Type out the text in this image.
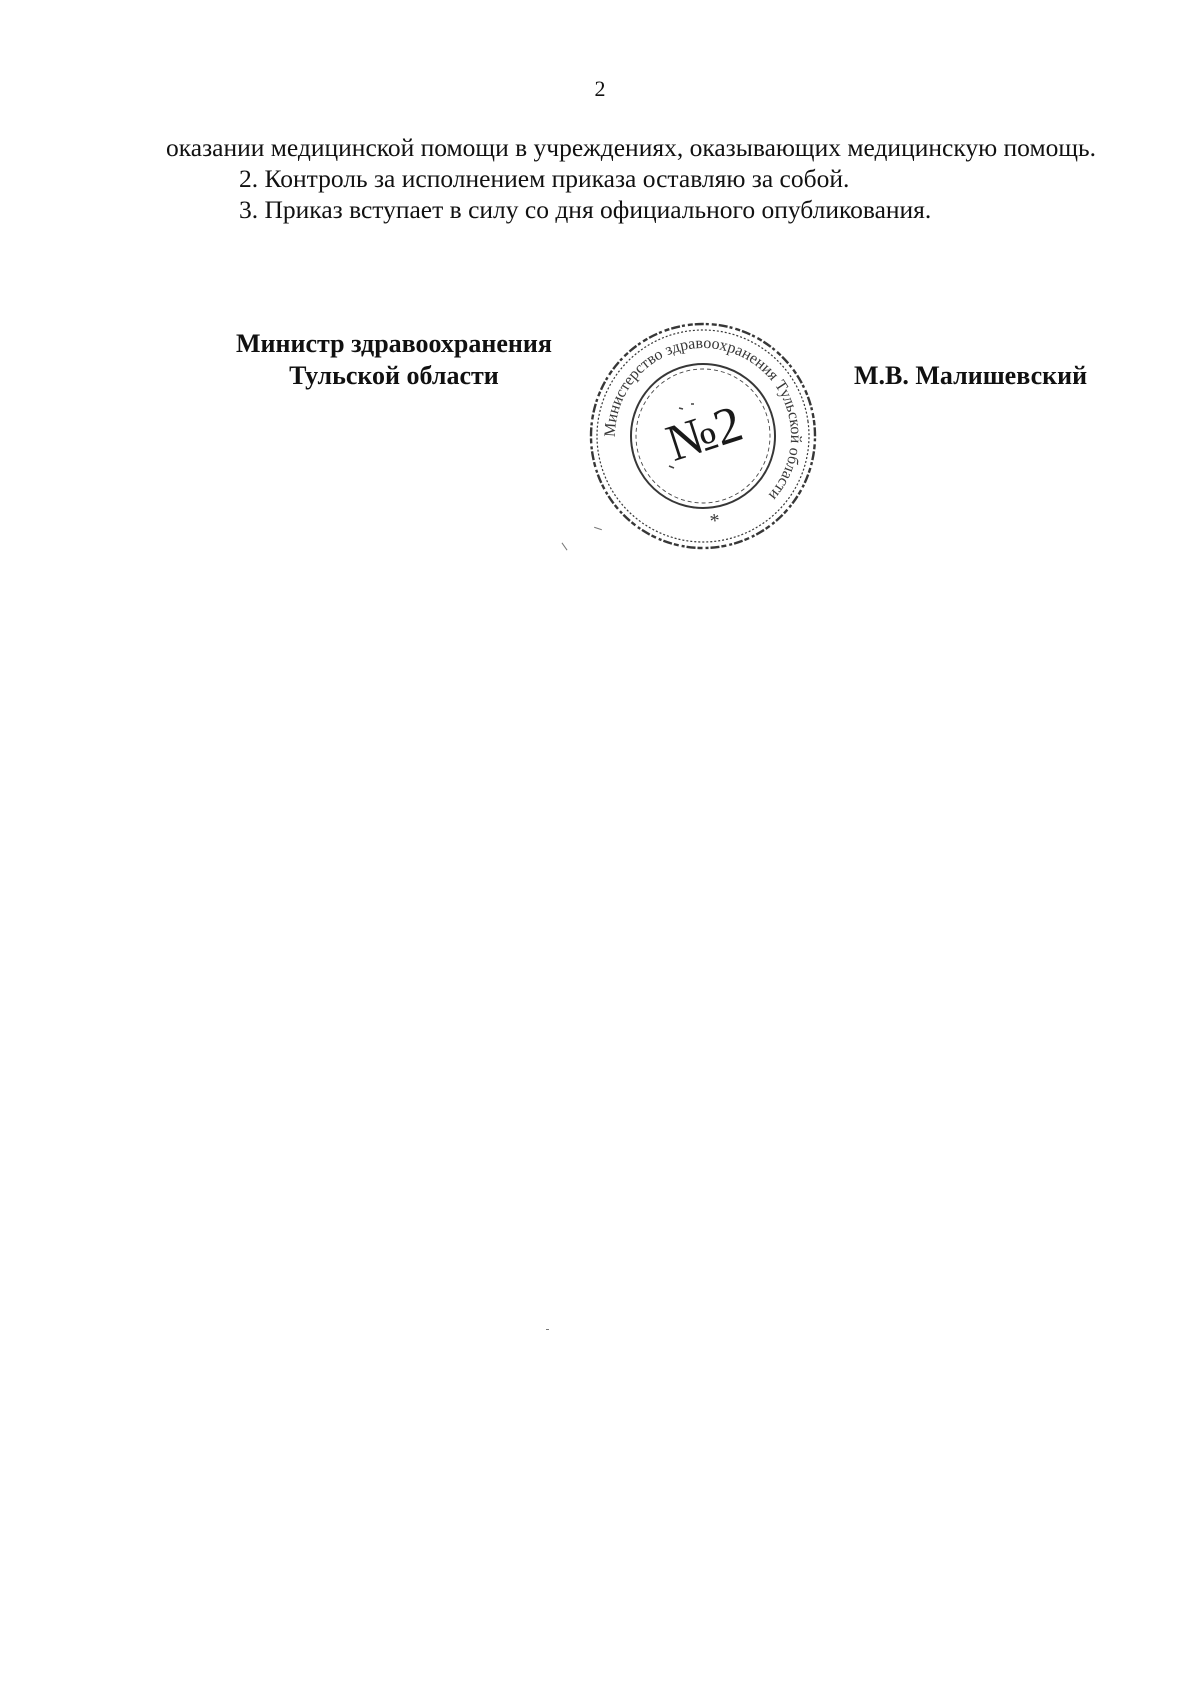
2

оказании медицинской помощи в учреждениях, оказывающих медицинскую помощь.

2. Контроль за исполнением приказа оставляю за собой.

3. Приказ вступает в силу со дня официального опубликования.

Министр здравоохранения
Тульской области
Министерство здравоохранения Тульской области
*
№2
М.В. Малишевский
